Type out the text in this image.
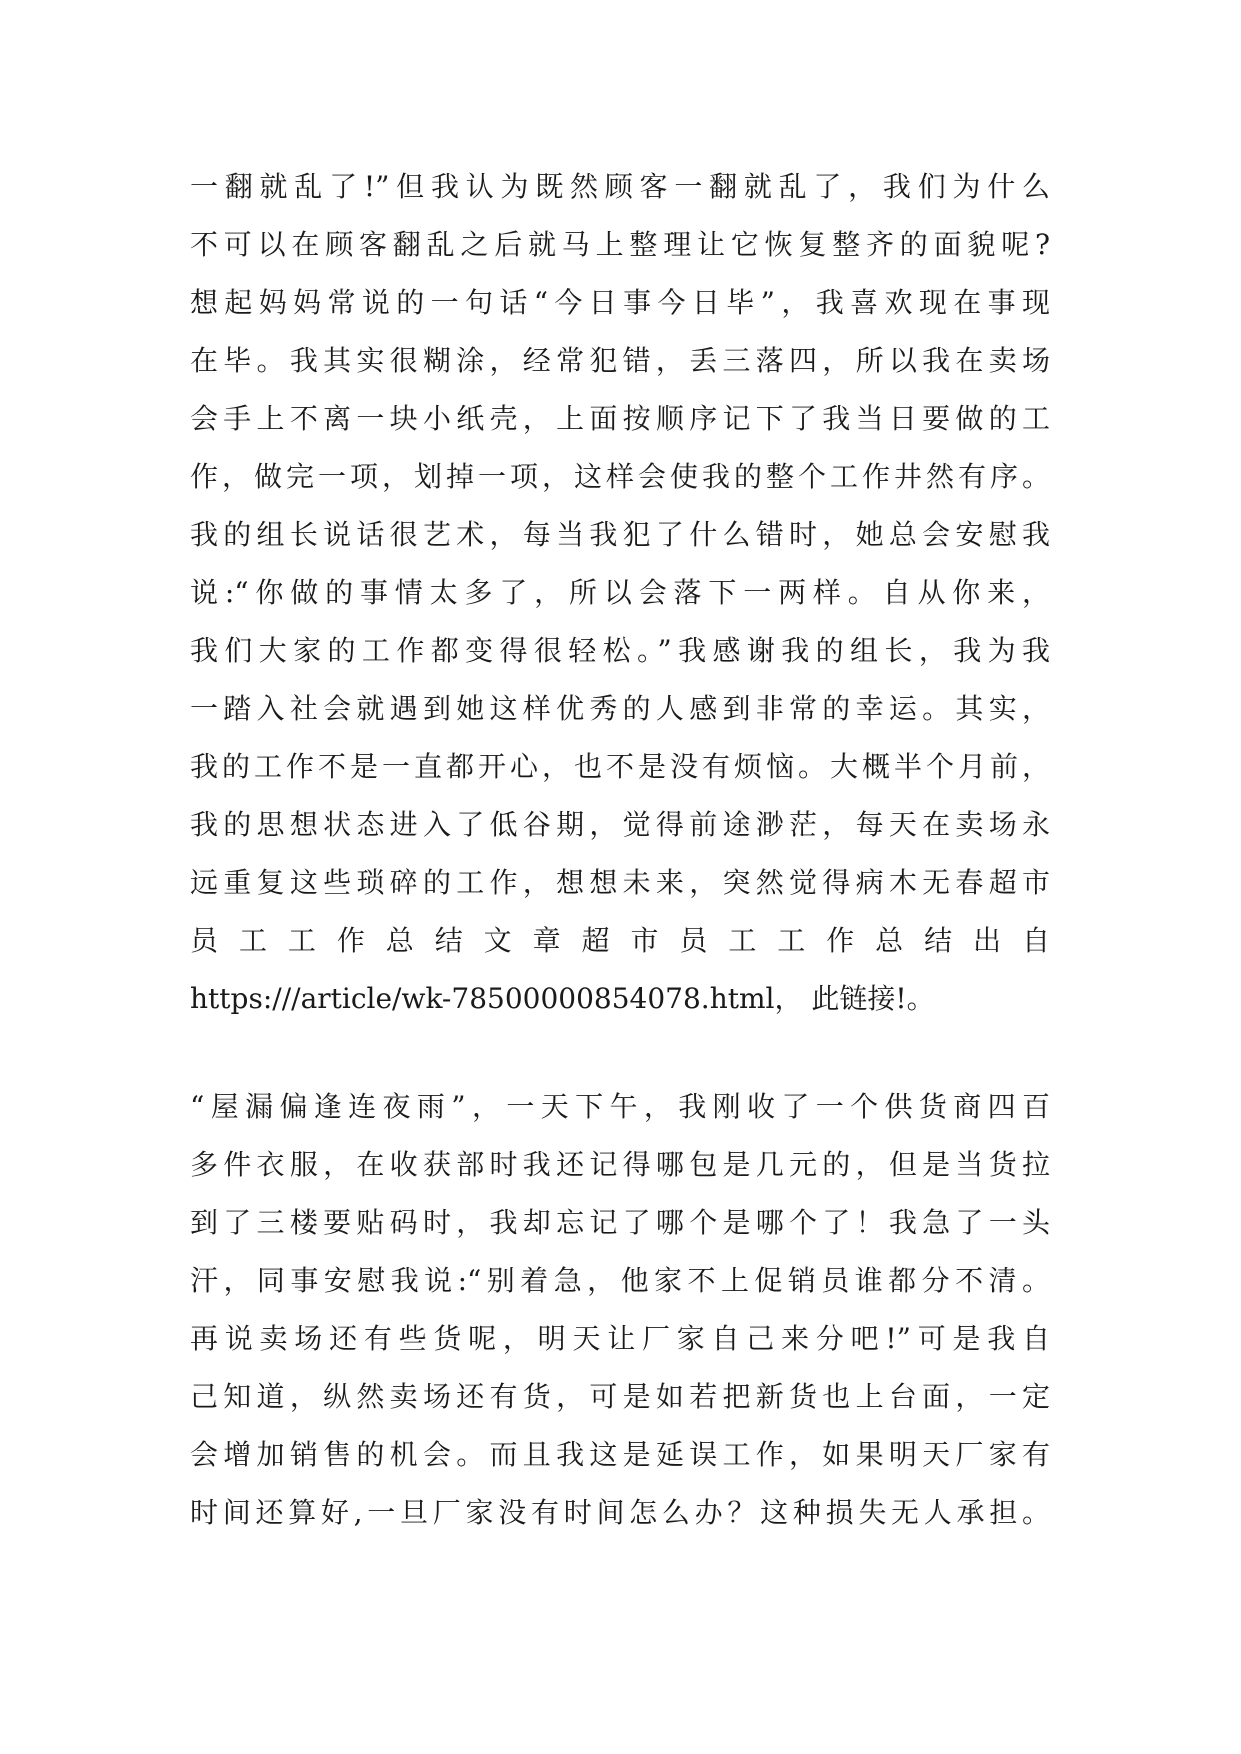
一翻就乱了!”但我认为既然顾客一翻就乱了，我们为什么
不可以在顾客翻乱之后就马上整理让它恢复整齐的面貌呢?
想起妈妈常说的一句话“今日事今日毕”，我喜欢现在事现
在毕。我其实很糊涂，经常犯错，丢三落四，所以我在卖场
会手上不离一块小纸壳，上面按顺序记下了我当日要做的工
作，做完一项，划掉一项，这样会使我的整个工作井然有序。
我的组长说话很艺术，每当我犯了什么错时，她总会安慰我
说:“你做的事情太多了，所以会落下一两样。自从你来，
我们大家的工作都变得很轻松。”我感谢我的组长，我为我
一踏入社会就遇到她这样优秀的人感到非常的幸运。其实，
我的工作不是一直都开心，也不是没有烦恼。大概半个月前，
我的思想状态进入了低谷期，觉得前途渺茫，每天在卖场永
远重复这些琐碎的工作，想想未来，突然觉得病木无春超市
员 工 工 作 总 结 文 章 超 市 员 工 工 作 总 结 出 自
https:///article/wk-78500000854078.html， 此链接!。
“屋漏偏逢连夜雨”，一天下午，我刚收了一个供货商四百
多件衣服，在收获部时我还记得哪包是几元的，但是当货拉
到了三楼要贴码时，我却忘记了哪个是哪个了！我急了一头
汗，同事安慰我说:“别着急，他家不上促销员谁都分不清。
再说卖场还有些货呢，明天让厂家自己来分吧!”可是我自
己知道，纵然卖场还有货，可是如若把新货也上台面，一定
会增加销售的机会。而且我这是延误工作，如果明天厂家有
时间还算好,一旦厂家没有时间怎么办？这种损失无人承担。
